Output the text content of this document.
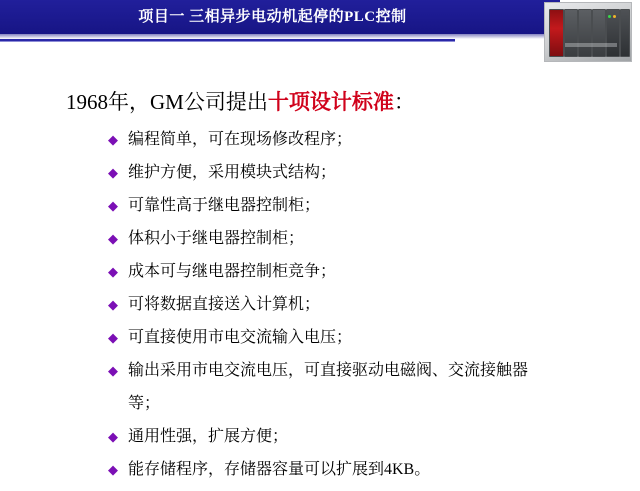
项目一 三相异步电动机起停的PLC控制
1968年，GM公司提出十项设计标准：
◆ 编程简单，可在现场修改程序；
◆ 维护方便，采用模块式结构；
◆ 可靠性高于继电器控制柜；
◆ 体积小于继电器控制柜；
◆ 成本可与继电器控制柜竞争；
◆ 可将数据直接送入计算机；
◆ 可直接使用市电交流输入电压；
◆ 输出采用市电交流电压，可直接驱动电磁阀、交流接触器
等；
◆ 通用性强，扩展方便；
◆ 能存储程序，存储器容量可以扩展到4KB。
